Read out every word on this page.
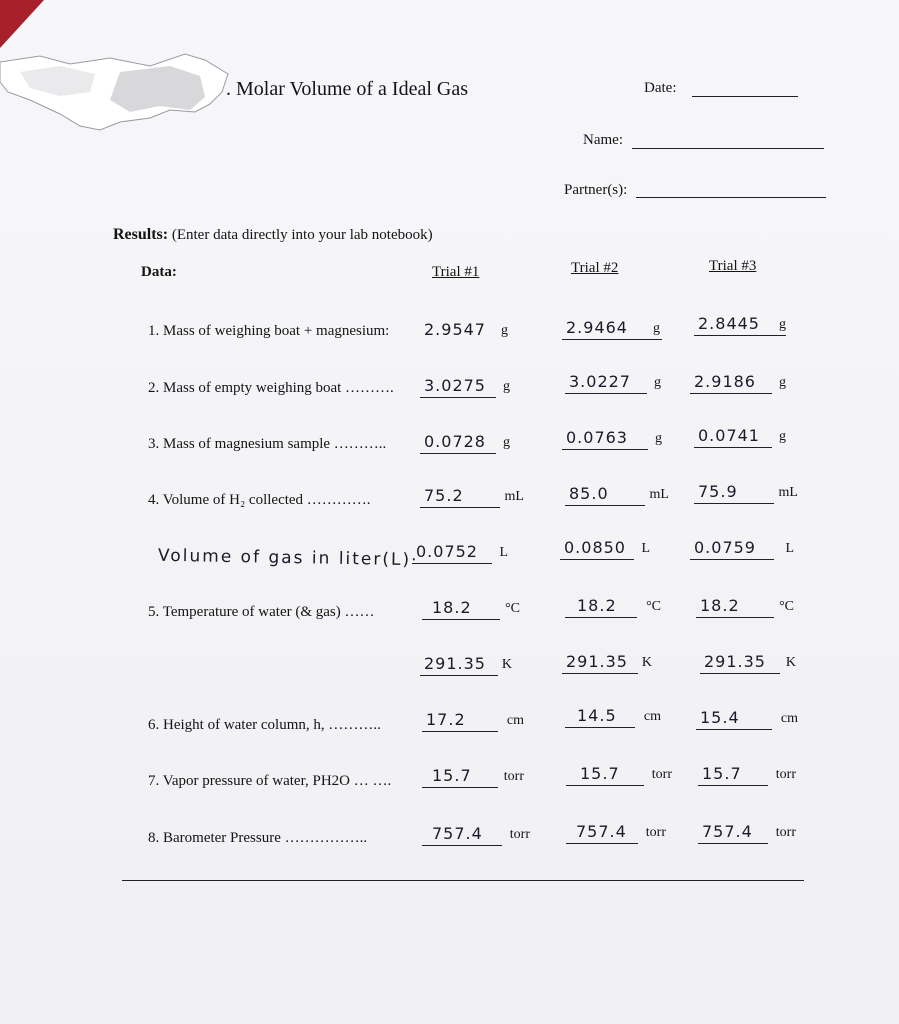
. Molar Volume of a Ideal Gas	Date:
Name:
Partner(s):
Results: (Enter data directly into your lab notebook)
Data:	Trial #1	Trial #2	Trial #3
1. Mass of weighing boat + magnesium: 2.9547 g	2.9464 g 2.8445 g
2. Mass of empty weighing boat ………. 3.0275 g	3.0227 g 2.9186 g
3. Mass of magnesium sample ……….. 0.0728 g	0.0763 g 0.0741 g
4. Volume of H₂ collected ………….	75.2	mL	85.0	mL 75.9	mL
Volume of gas in liter(L)·
0.0752 L	0.0850 L	0.0759 L
5. Temperature of water (& gas) ……	18.2 °C	18.2 °C 18.2	°C
291.35 K	291.35 K	291.35 K
6. Height of water column, h, ………..	17.2	cm	14.5 cm 15.4	cm
7. Vapor pressure of water, PH2O … ….	15.7 torr	15.7 torr 15.7 torr
8. Barometer Pressure ……………..	757.4 torr	757.4 torr 757.4 torr
